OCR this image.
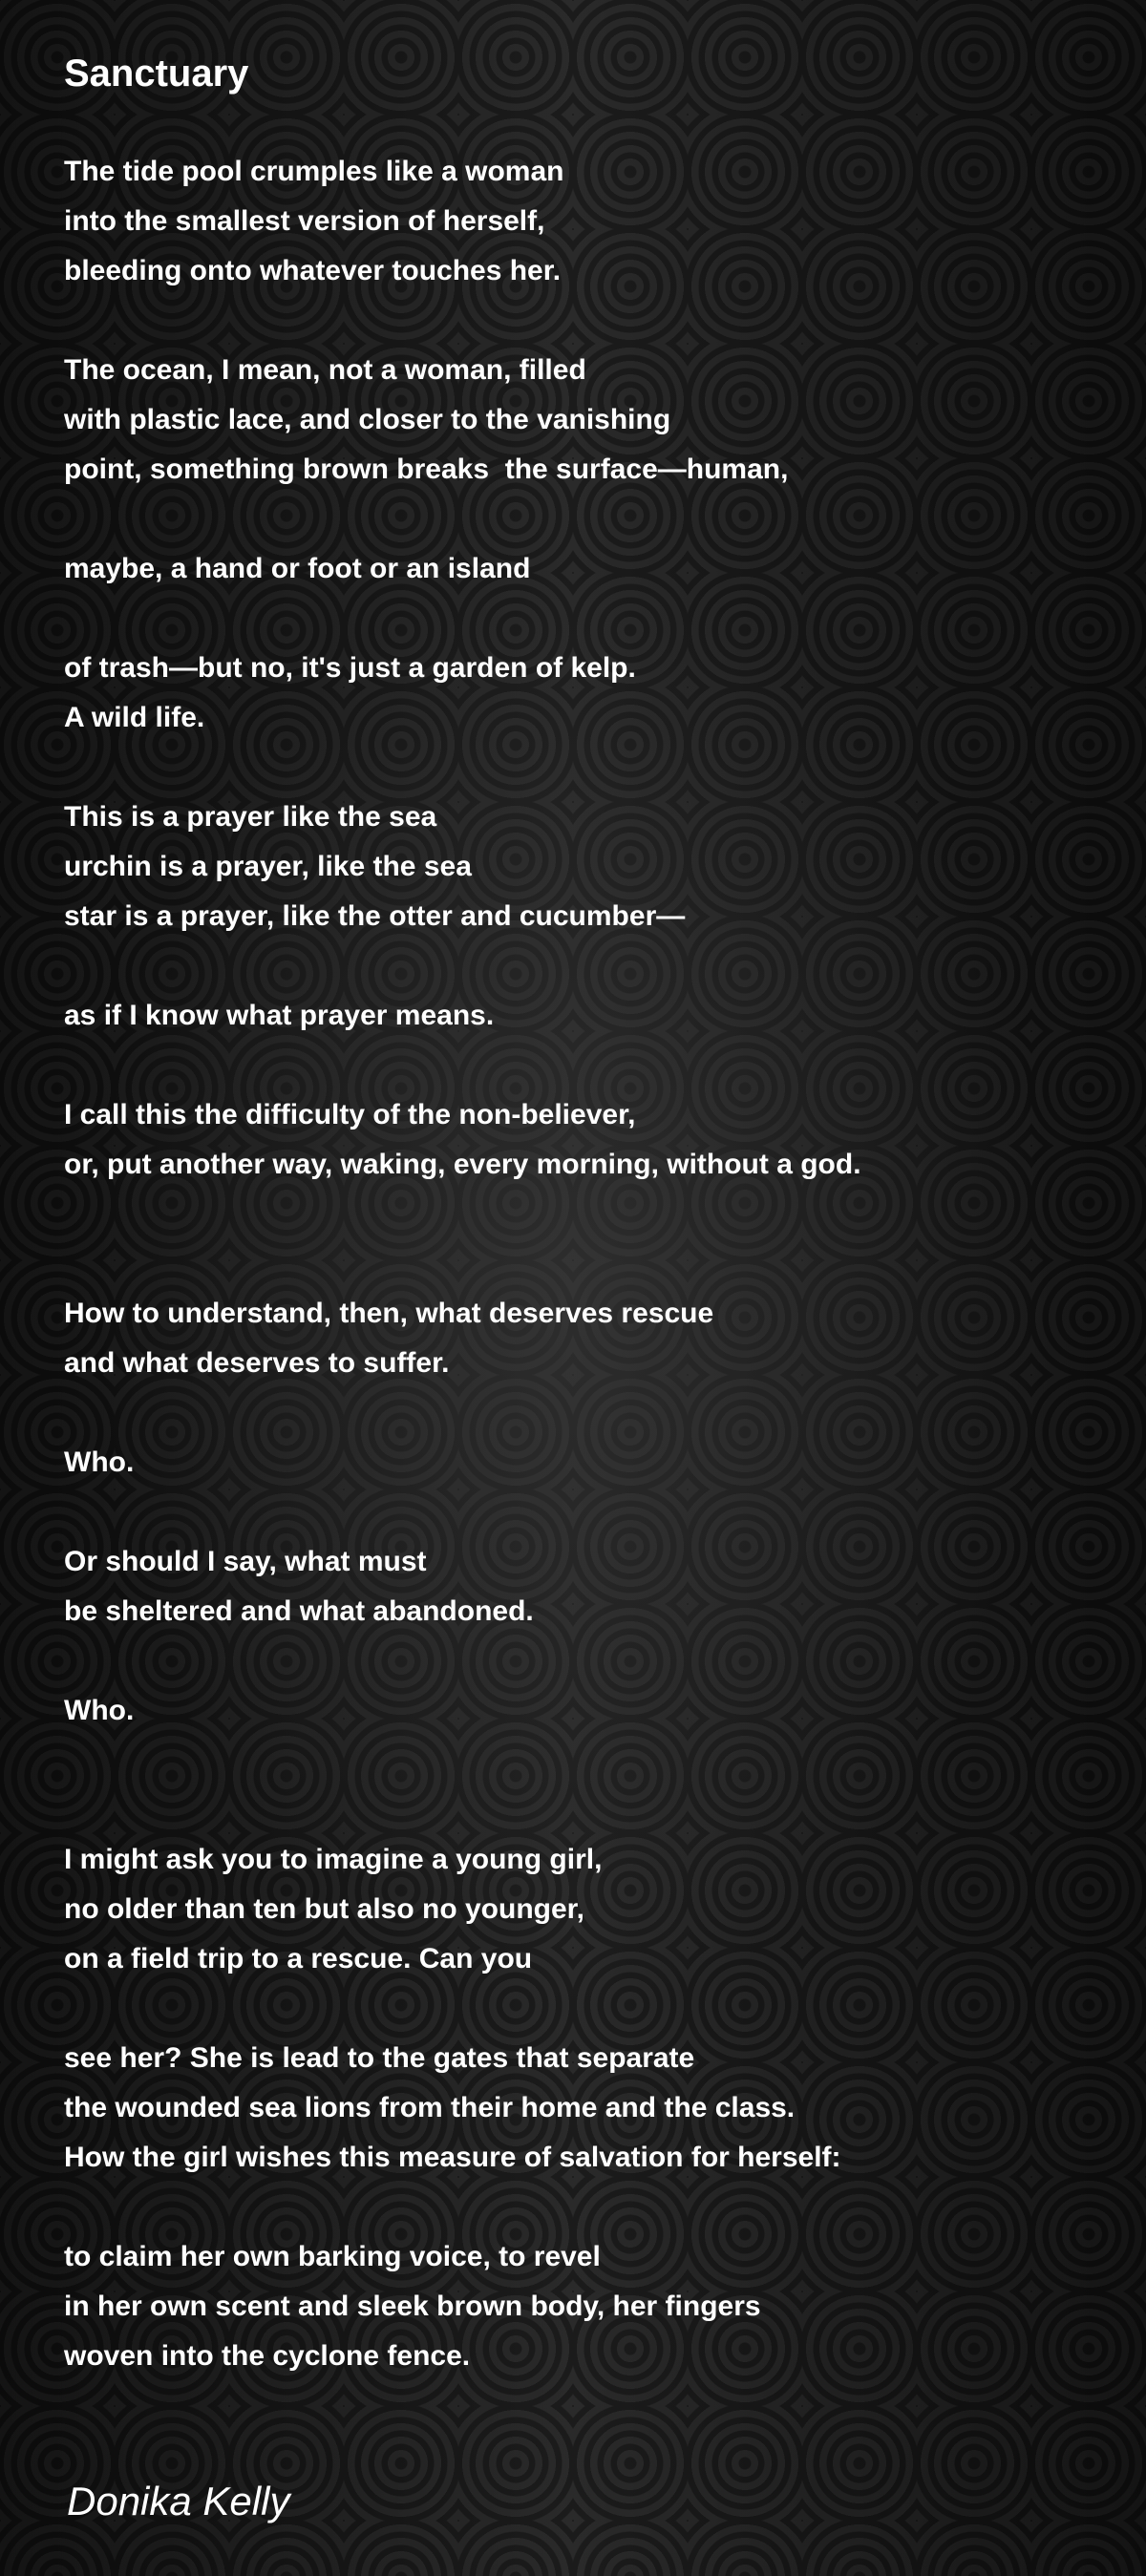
Sanctuary
The tide pool crumples like a woman
into the smallest version of herself,
bleeding onto whatever touches her.
The ocean, I mean, not a woman, filled
with plastic lace, and closer to the vanishing
point, something brown breaks  the surface—human,
maybe, a hand or foot or an island
of trash—but no, it's just a garden of kelp.
A wild life.
This is a prayer like the sea
urchin is a prayer, like the sea
star is a prayer, like the otter and cucumber—
as if I know what prayer means.
I call this the difficulty of the non-believer,
or, put another way, waking, every morning, without a god.
How to understand, then, what deserves rescue
and what deserves to suffer.
Who.
Or should I say, what must
be sheltered and what abandoned.
Who.
I might ask you to imagine a young girl,
no older than ten but also no younger,
on a field trip to a rescue. Can you
see her? She is lead to the gates that separate
the wounded sea lions from their home and the class.
How the girl wishes this measure of salvation for herself:
to claim her own barking voice, to revel
in her own scent and sleek brown body, her fingers
woven into the cyclone fence.
Donika Kelly
